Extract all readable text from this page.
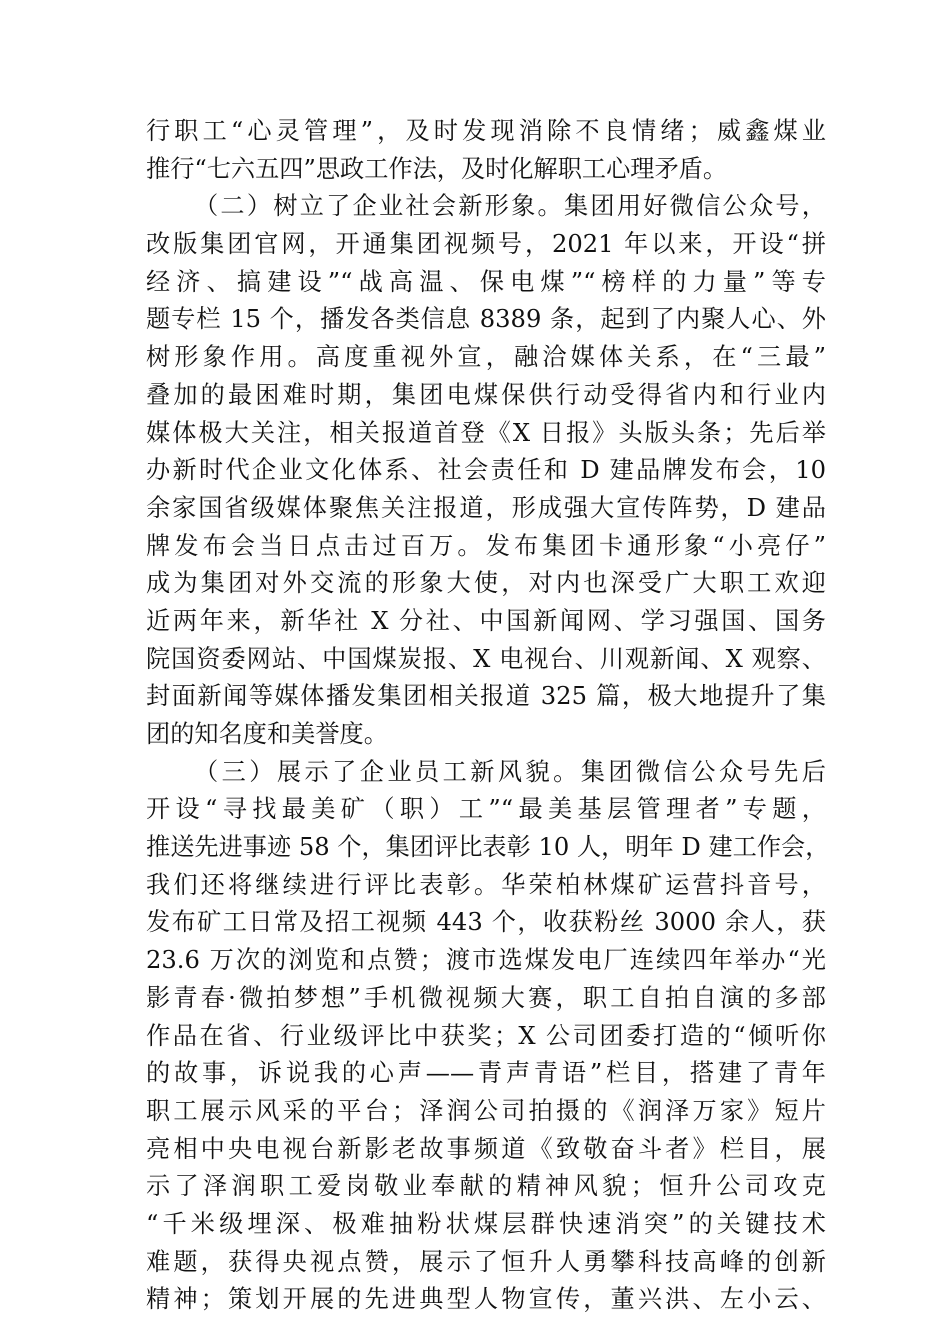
行职工“心灵管理”，及时发现消除不良情绪；威鑫煤业
推行“七六五四”思政工作法，及时化解职工心理矛盾。
（二）树立了企业社会新形象。集团用好微信公众号，
改版集团官网，开通集团视频号，2021 年以来，开设“拼
经济、搞建设”“战高温、保电煤”“榜样的力量”等专
题专栏 15 个，播发各类信息 8389 条，起到了内聚人心、外
树形象作用。高度重视外宣，融洽媒体关系，在“三最”
叠加的最困难时期，集团电煤保供行动受得省内和行业内
媒体极大关注，相关报道首登《X 日报》头版头条；先后举
办新时代企业文化体系、社会责任和 D 建品牌发布会，10
余家国省级媒体聚焦关注报道，形成强大宣传阵势，D 建品
牌发布会当日点击过百万。发布集团卡通形象“小亮仔”
成为集团对外交流的形象大使，对内也深受广大职工欢迎
近两年来，新华社 X 分社、中国新闻网、学习强国、国务
院国资委网站、中国煤炭报、X 电视台、川观新闻、X 观察、
封面新闻等媒体播发集团相关报道 325 篇，极大地提升了集
团的知名度和美誉度。
（三）展示了企业员工新风貌。集团微信公众号先后
开设“寻找最美矿（职）工”“最美基层管理者”专题，
推送先进事迹 58 个，集团评比表彰 10 人，明年 D 建工作会，
我们还将继续进行评比表彰。华荣柏林煤矿运营抖音号，
发布矿工日常及招工视频 443 个，收获粉丝 3000 余人，获
23.6 万次的浏览和点赞；渡市选煤发电厂连续四年举办“光
影青春·微拍梦想”手机微视频大赛，职工自拍自演的多部
作品在省、行业级评比中获奖；X 公司团委打造的“倾听你
的故事，诉说我的心声——青声青语”栏目，搭建了青年
职工展示风采的平台；泽润公司拍摄的《润泽万家》短片
亮相中央电视台新影老故事频道《致敬奋斗者》栏目，展
示了泽润职工爱岗敬业奉献的精神风貌；恒升公司攻克
“千米级埋深、极难抽粉状煤层群快速消突”的关键技术
难题，获得央视点赞，展示了恒升人勇攀科技高峰的创新
精神；策划开展的先进典型人物宣传，董兴洪、左小云、
